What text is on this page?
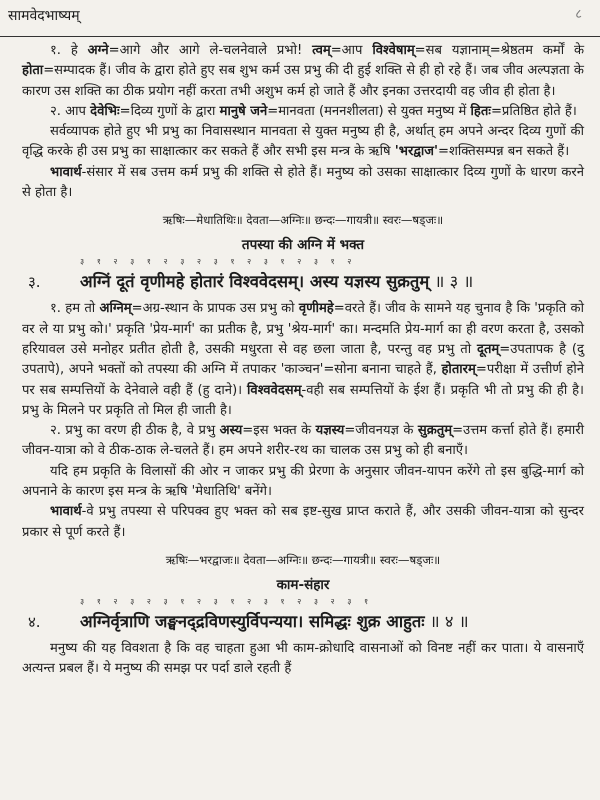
सामवेदभाष्यम्	८

१. हे अग्ने=आगे और आगे ले-चलनेवाले प्रभो! त्वम्=आप विश्वेषाम्=सब यज्ञानाम्=श्रेष्ठतम कर्मों के होता=सम्पादक हैं। जीव के द्वारा होते हुए सब शुभ कर्म उस प्रभु की दी हुई शक्ति से ही हो रहे हैं। जब जीव अल्पज्ञता के कारण उस शक्ति का ठीक प्रयोग नहीं करता तभी अशुभ कर्म हो जाते हैं और इनका उत्तरदायी वह जीव ही होता है।

२. आप देवेभिः=दिव्य गुणों के द्वारा मानुषे जने=मानवता (मननशीलता) से युक्त मनुष्य में हितः=प्रतिष्ठित होते हैं।

सर्वव्यापक होते हुए भी प्रभु का निवासस्थान मानवता से युक्त मनुष्य ही है, अर्थात् हम अपने अन्दर दिव्य गुणों की वृद्धि करके ही उस प्रभु का साक्षात्कार कर सकते हैं और सभी इस मन्त्र के ऋषि 'भरद्वाज'=शक्तिसम्पन्न बन सकते हैं।

भावार्थ-संसार में सब उत्तम कर्म प्रभु की शक्ति से होते हैं। मनुष्य को उसका साक्षात्कार दिव्य गुणों के धारण करने से होता है।

ऋषिः—मेधातिथिः॥ देवता—अग्निः॥ छन्दः—गायत्री॥ स्वरः—षड्जः॥
तपस्या की अग्नि में भक्त
३.
३ १ २ ३ १ २ ३ २ ३ १ २ ३ १ २ ३ १ २
अग्निं दूतं वृणीमहे होतारं विश्ववेदसम्। अस्य यज्ञस्य सुक्रतुम् ॥ ३ ॥

१. हम तो अग्निम्=अग्र-स्थान के प्रापक उस प्रभु को वृणीमहे=वरते हैं। जीव के सामने यह चुनाव है कि 'प्रकृति को वर ले या प्रभु को।' प्रकृति 'प्रेय-मार्ग' का प्रतीक है, प्रभु 'श्रेय-मार्ग' का। मन्दमति प्रेय-मार्ग का ही वरण करता है, उसको हरियावल उसे मनोहर प्रतीत होती है, उसकी मधुरता से वह छला जाता है, परन्तु वह प्रभु तो दूतम्=उपतापक है (दु उपतापे), अपने भक्तों को तपस्या की अग्नि में तपाकर 'काञ्चन'=सोना बनाना चाहते हैं, होतारम्=परीक्षा में उत्तीर्ण होने पर सब सम्पत्तियों के देनेवाले वही हैं (हु दाने)। विश्ववेदसम्-वही सब सम्पत्तियों के ईश हैं। प्रकृति भी तो प्रभु की ही है। प्रभु के मिलने पर प्रकृति तो मिल ही जाती है।

२. प्रभु का वरण ही ठीक है, वे प्रभु अस्य=इस भक्त के यज्ञस्य=जीवनयज्ञ के सुक्रतुम्=उत्तम कर्त्ता होते हैं। हमारी जीवन-यात्रा को वे ठीक-ठाक ले-चलते हैं। हम अपने शरीर-रथ का चालक उस प्रभु को ही बनाएँ।

यदि हम प्रकृति के विलासों की ओर न जाकर प्रभु की प्रेरणा के अनुसार जीवन-यापन करेंगे तो इस बुद्धि-मार्ग को अपनाने के कारण इस मन्त्र के ऋषि 'मेधातिथि' बनेंगे।

भावार्थ-वे प्रभु तपस्या से परिपक्व हुए भक्त को सब इष्ट-सुख प्राप्त कराते हैं, और उसकी जीवन-यात्रा को सुन्दर प्रकार से पूर्ण करते हैं।

ऋषिः—भरद्वाजः॥ देवता—अग्निः॥ छन्दः—गायत्री॥ स्वरः—षड्जः॥
काम-संहार
४.
३ १ २ ३ २ ३ १ २ ३ १ २ ३ १ २ ३ २ ३ १
अग्निर्वृत्राणि जङ्घनद्द्रविणस्युर्विपन्यया। समिद्धः शुक्र आहुतः ॥ ४ ॥

मनुष्य की यह विवशता है कि वह चाहता हुआ भी काम-क्रोधादि वासनाओं को विनष्ट नहीं कर पाता। ये वासनाएँ अत्यन्त प्रबल हैं। ये मनुष्य की समझ पर पर्दा डाले रहती हैं
